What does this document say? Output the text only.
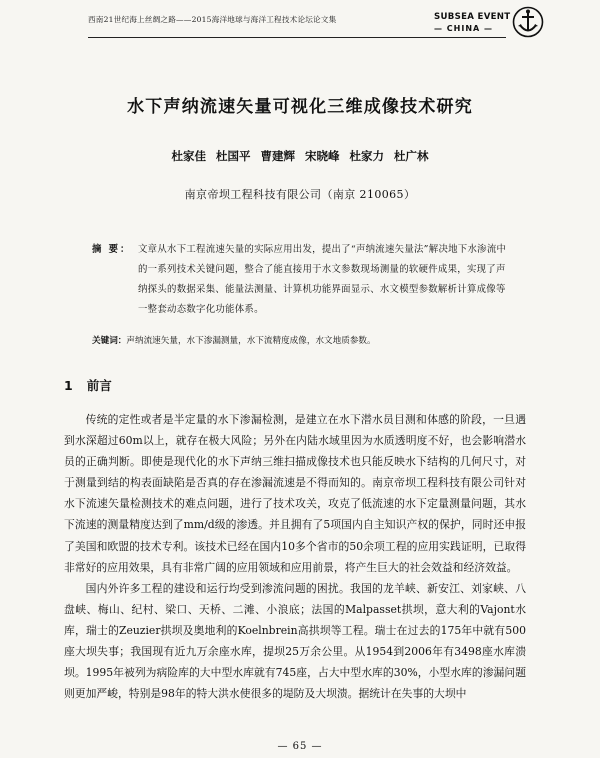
西南21世纪海上丝绸之路——2015海洋地球与海洋工程技术论坛论文集	SUBSEA EVENT
— CHINA —
水下声纳流速矢量可视化三维成像技术研究
杜家佳 杜国平 曹建辉 宋晓峰 杜家力 杜广林
南京帝坝工程科技有限公司（南京 210065）
摘 要： 文章从水下工程流速矢量的实际应用出发，提出了“声纳流速矢量法”解决地下水渗流中的一系列技术关键问题，整合了能直接用于水文参数现场测量的软硬件成果，实现了声纳探头的数据采集、能量法测量、计算机功能界面显示、水文模型参数解析计算成像等一整套动态数字化功能体系。
关键词：声纳流速矢量，水下渗漏测量，水下流精度成像，水文地质参数。
1 前言

传统的定性或者是半定量的水下渗漏检测，是建立在水下潜水员目测和体感的阶段，一旦遇到水深超过60m以上，就存在极大风险；另外在内陆水域里因为水质透明度不好，也会影响潜水员的正确判断。即使是现代化的水下声纳三维扫描成像技术也只能反映水下结构的几何尺寸，对于测量到结的构表面缺陷是否真的存在渗漏流速是不得而知的。南京帝坝工程科技有限公司针对水下流速矢量检测技术的难点问题，进行了技术攻关，攻克了低流速的水下定量测量问题，其水下流速的测量精度达到了mm/d级的渗透。并且拥有了5项国内自主知识产权的保护，同时还申报了美国和欧盟的技术专利。该技术已经在国内10多个省市的50余项工程的应用实践证明，已取得非常好的应用效果，具有非常广阔的应用领域和应用前景，将产生巨大的社会效益和经济效益。

国内外许多工程的建设和运行均受到渗流问题的困扰。我国的龙羊峡、新安江、刘家峡、八盘峡、梅山、纪村、梁口、天桥、二滩、小浪底；法国的Malpasset拱坝，意大利的Vajont水库，瑞士的Zeuzier拱坝及奥地利的Koelnbrein高拱坝等工程。瑞士在过去的175年中就有500座大坝失事；我国现有近九万余座水库，提坝25万余公里。从1954到2006年有3498座水库溃坝。1995年被列为病险库的大中型水库就有745座，占大中型水库的30%，小型水库的渗漏问题则更加严峻，特别是98年的特大洪水使很多的堤防及大坝溃。据统计在失事的大坝中

— 65 —
